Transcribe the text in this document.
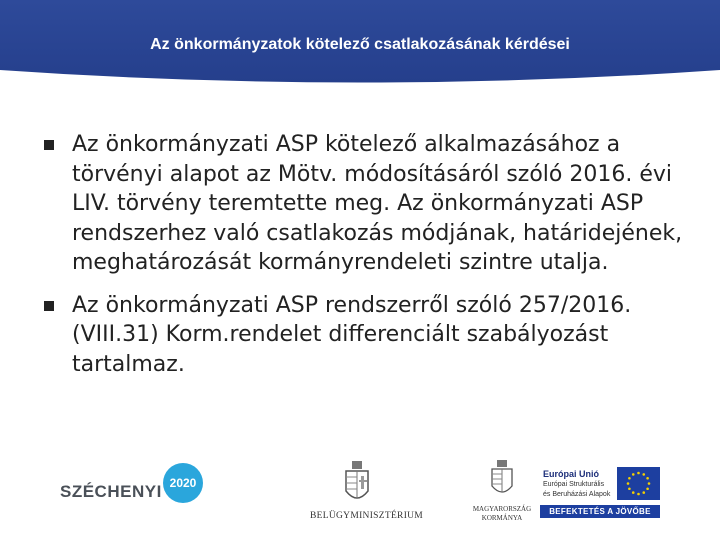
Az önkormányzatok kötelező csatlakozásának kérdései
Az önkormányzati ASP kötelező alkalmazásához a törvényi alapot az Mötv. módosításáról szóló 2016. évi LIV. törvény teremtette meg. Az önkormányzati ASP rendszerhez való csatlakozás módjának, határidejének, meghatározását kormányrendeleti szintre utalja.
Az önkormányzati ASP rendszerről szóló 257/2016. (VIII.31) Korm.rendelet differenciált szabályozást tartalmaz.
SZÉCHENYI 2020
BELÜGYMINISZTÉRIUM
MAGYARORSZÁG
KORMÁNYA
Európai Unió
Európai Strukturális
és Beruházási Alapok
BEFEKTETÉS A JÖVŐBE
